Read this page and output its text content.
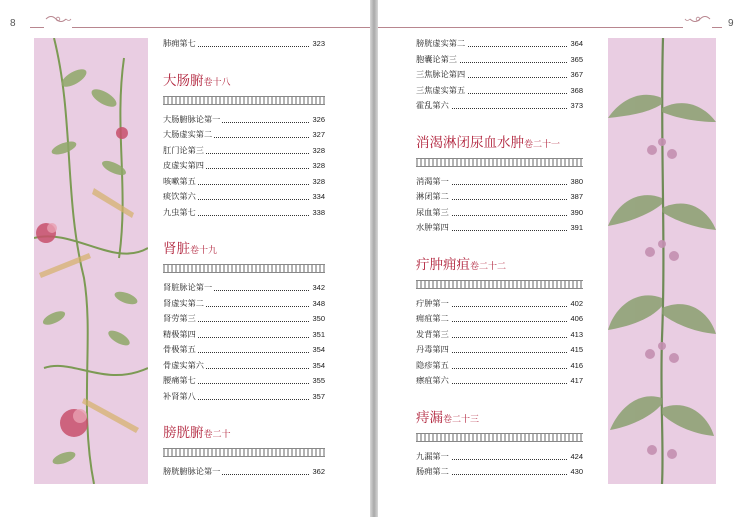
8
肺痈第七	323
大肠腑卷十八
大肠腑脉论第一	326
大肠虚实第二	327
肛门论第三	328
皮虚实第四	328
咳嗽第五	328
痰饮第六	334
九虫第七	338
肾脏卷十九
肾脏脉论第一	342
肾虚实第二	348
肾劳第三	350
精极第四	351
骨极第五	354
骨虚实第六	354
腰痛第七	355
补肾第八	357
膀胱腑卷二十
膀胱腑脉论第一	362
9
膀胱虚实第二	364
胞囊论第三	365
三焦脉论第四	367
三焦虚实第五	368
霍乱第六	373
消渴淋闭尿血水肿卷二十一
消渴第一	380
淋闭第二	387
尿血第三	390
水肿第四	391
疔肿痈疽卷二十二
疔肿第一	402
痈疽第二	406
发背第三	413
丹毒第四	415
隐疹第五	416
瘭疽第六	417
痔漏卷二十三
九漏第一	424
肠痈第二	430
